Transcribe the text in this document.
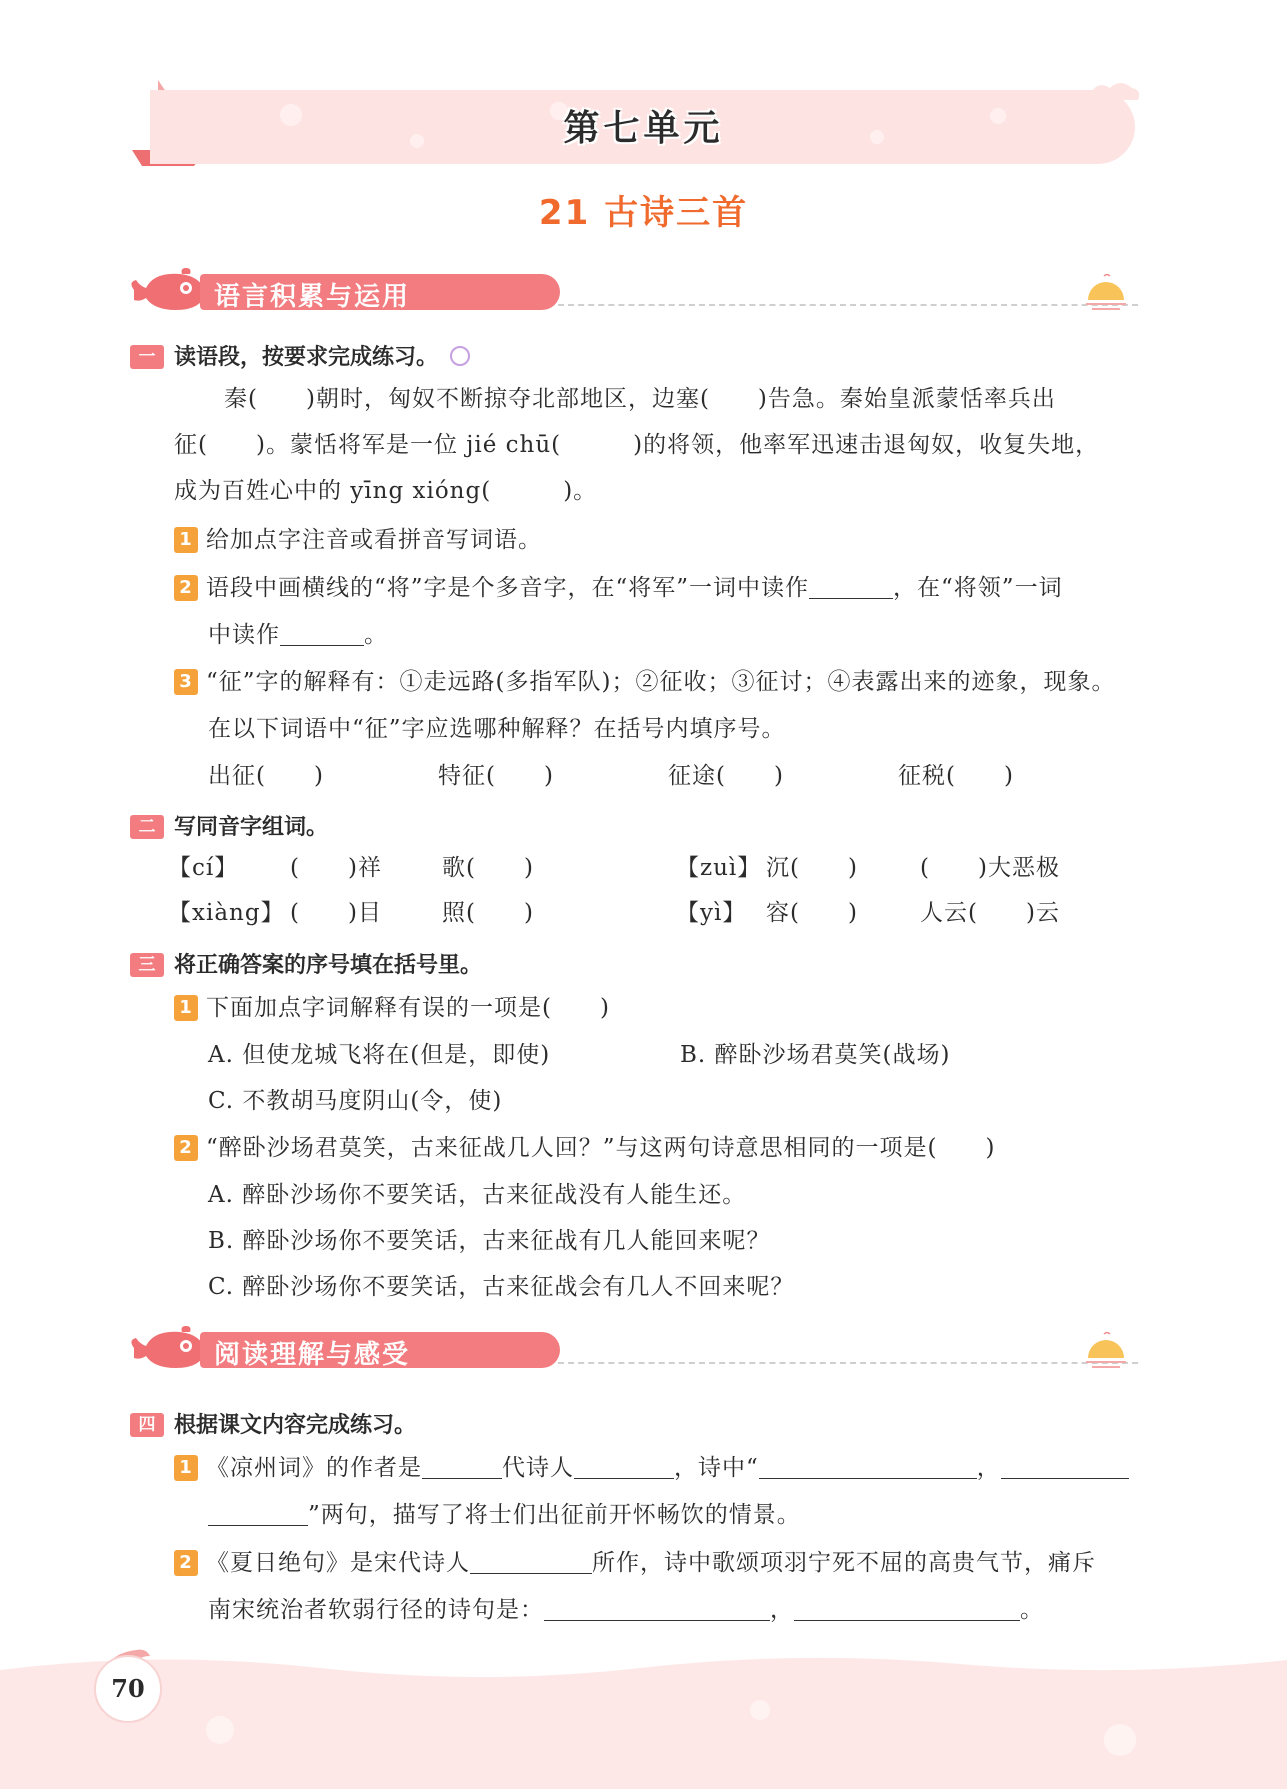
第七单元
21 古诗三首
语言积累与运用
一 读语段，按要求完成练习。
秦(　　)朝时，匈奴不断掠夺北部地区，边塞(　　)告急。秦始皇派蒙恬率兵出
征(　　)。蒙恬将军是一位 jié chū(　　　)的将领，他率军迅速击退匈奴，收复失地，
成为百姓心中的 yīng xióng(　　　)。
1 给加点字注音或看拼音写词语。
2 语段中画横线的“将”字是个多音字，在“将军”一词中读作	，在“将领”一词
中读作	。
3 “征”字的解释有：①走远路(多指军队)；②征收；③征讨；④表露出来的迹象，现象。
在以下词语中“征”字应选哪种解释？在括号内填序号。
出征(　　)	特征(　　)	征途(　　)	征税(　　)
二 写同音字组词。
【cí】 (　　)祥	歌(　　)	【zuì】 沉(　　)	(　　)大恶极
【xiàng】 (　　)目	照(　　)	【yì】 容(　　)	人云(　　)云
三 将正确答案的序号填在括号里。
1 下面加点字词解释有误的一项是(　　)
A. 但使龙城飞将在(但是，即使)	B. 醉卧沙场君莫笑(战场)
C. 不教胡马度阴山(令，使)
2 “醉卧沙场君莫笑，古来征战几人回？”与这两句诗意思相同的一项是(　　)
A. 醉卧沙场你不要笑话，古来征战没有人能生还。
B. 醉卧沙场你不要笑话，古来征战有几人能回来呢？
C. 醉卧沙场你不要笑话，古来征战会有几人不回来呢？
阅读理解与感受
四 根据课文内容完成练习。
1 《凉州词》的作者是	代诗人	，诗中“	，
”两句，描写了将士们出征前开怀畅饮的情景。
2 《夏日绝句》是宋代诗人	所作，诗中歌颂项羽宁死不屈的高贵气节，痛斥
南宋统治者软弱行径的诗句是：	，	。
70
